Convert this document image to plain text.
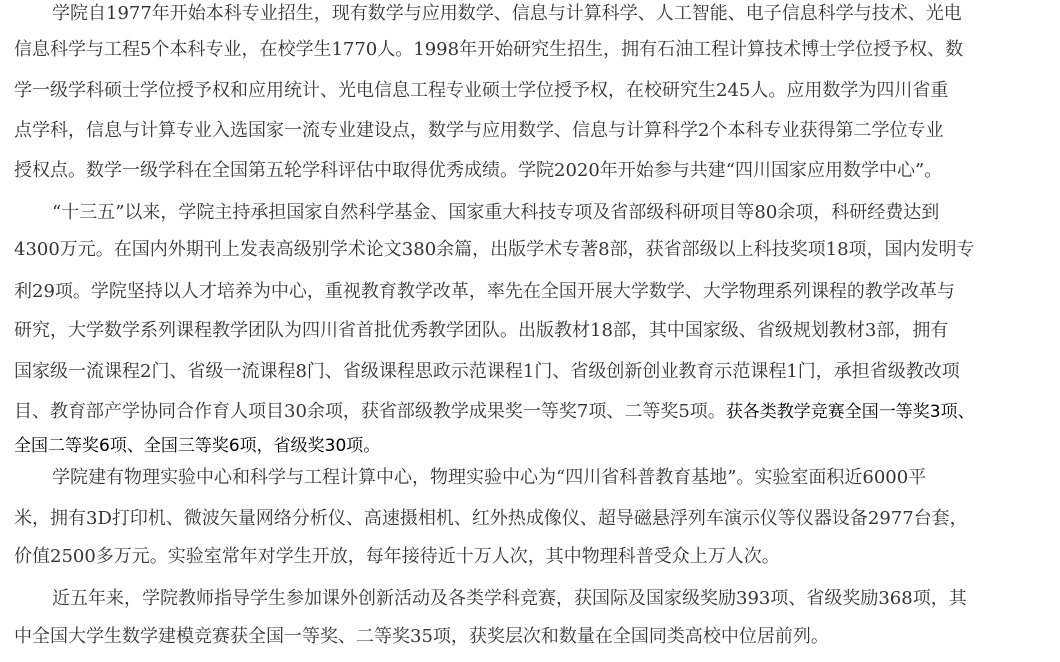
学院自1977年开始本科专业招生，现有数学与应用数学、信息与计算科学、人工智能、电子信息科学与技术、光电
信息科学与工程5个本科专业，在校学生1770人。1998年开始研究生招生，拥有石油工程计算技术博士学位授予权、数
学一级学科硕士学位授予权和应用统计、光电信息工程专业硕士学位授予权，在校研究生245人。应用数学为四川省重
点学科，信息与计算专业入选国家一流专业建设点，数学与应用数学、信息与计算科学2个本科专业获得第二学位专业
授权点。数学一级学科在全国第五轮学科评估中取得优秀成绩。学院2020年开始参与共建“四川国家应用数学中心”。
“十三五”以来，学院主持承担国家自然科学基金、国家重大科技专项及省部级科研项目等80余项，科研经费达到
4300万元。在国内外期刊上发表高级别学术论文380余篇，出版学术专著8部，获省部级以上科技奖项18项，国内发明专
利29项。学院坚持以人才培养为中心，重视教育教学改革，率先在全国开展大学数学、大学物理系列课程的教学改革与
研究，大学数学系列课程教学团队为四川省首批优秀教学团队。出版教材18部，其中国家级、省级规划教材3部，拥有
国家级一流课程2门、省级一流课程8门、省级课程思政示范课程1门、省级创新创业教育示范课程1门，承担省级教改项
目、教育部产学协同合作育人项目30余项，获省部级教学成果奖一等奖7项、二等奖5项。获各类教学竞赛全国一等奖3项、
全国二等奖6项、全国三等奖6项，省级奖30项。
学院建有物理实验中心和科学与工程计算中心，物理实验中心为“四川省科普教育基地”。实验室面积近6000平
米，拥有3D打印机、微波矢量网络分析仪、高速摄相机、红外热成像仪、超导磁悬浮列车演示仪等仪器设备2977台套，
价值2500多万元。实验室常年对学生开放，每年接待近十万人次，其中物理科普受众上万人次。
近五年来，学院教师指导学生参加课外创新活动及各类学科竞赛，获国际及国家级奖励393项、省级奖励368项，其
中全国大学生数学建模竞赛获全国一等奖、二等奖35项，获奖层次和数量在全国同类高校中位居前列。
